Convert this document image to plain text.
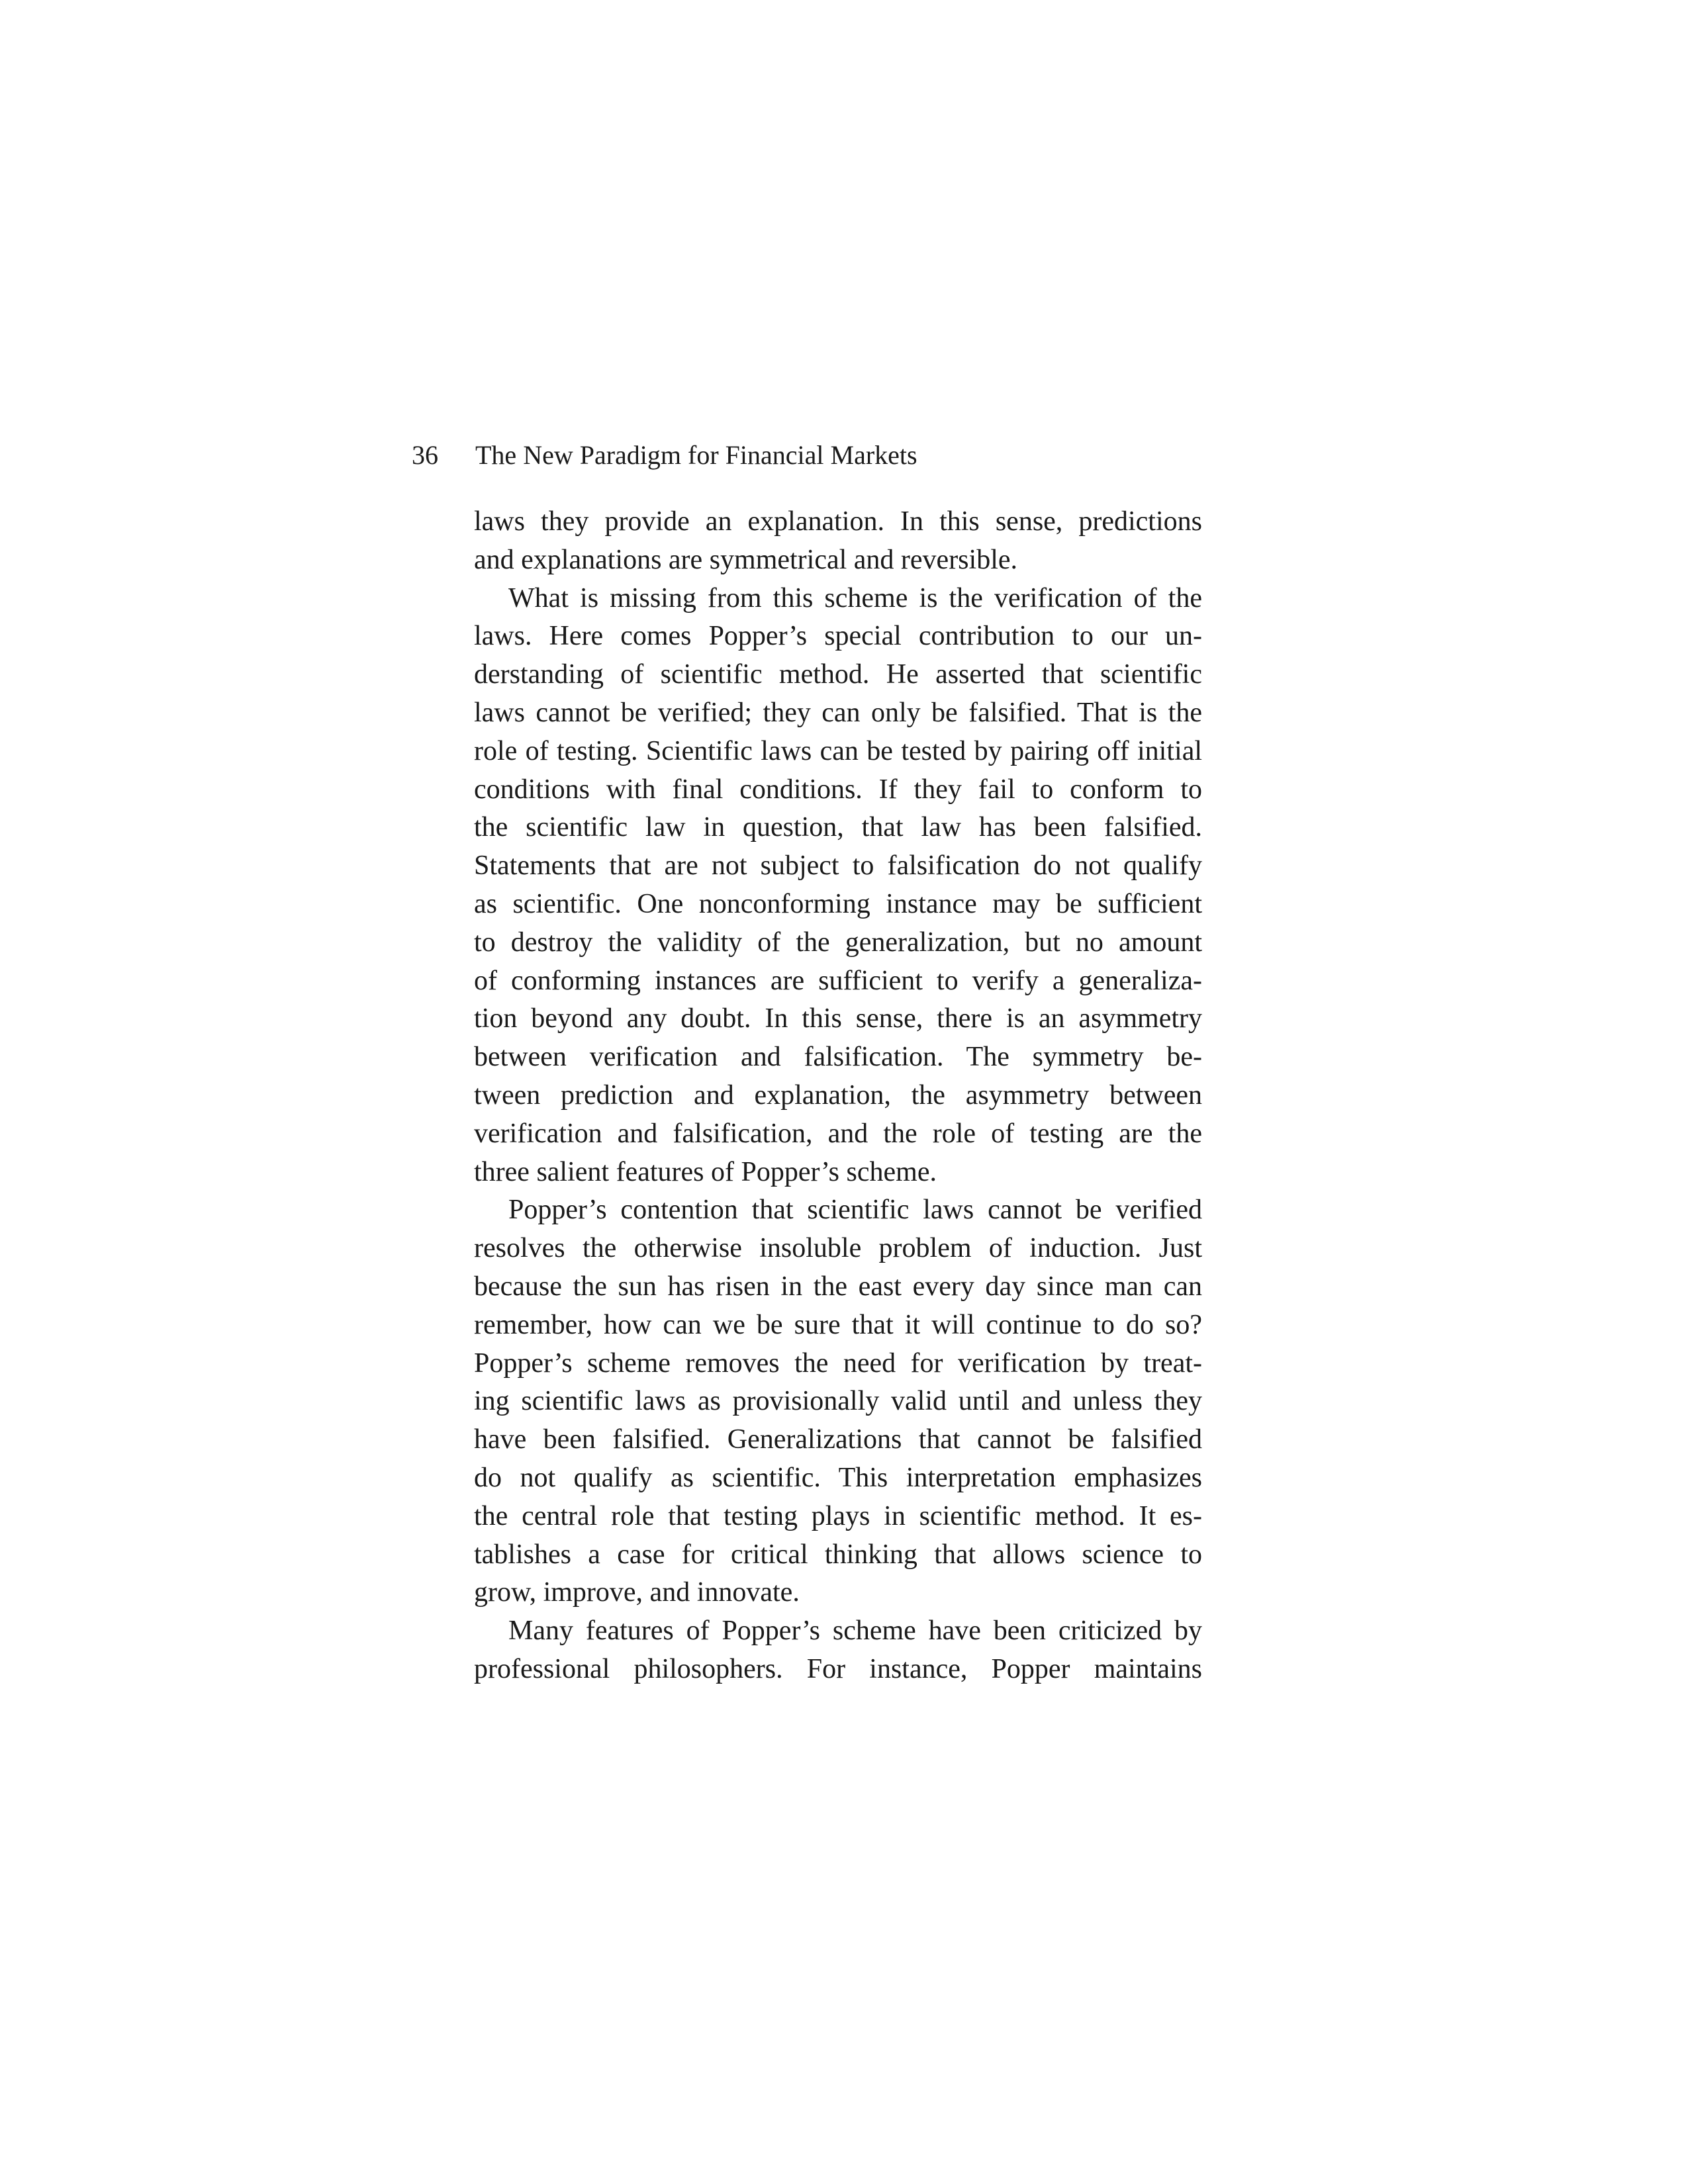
36 The New Paradigm for Financial Markets
laws they provide an explanation. In this sense, predictions
and explanations are symmetrical and reversible.
What is missing from this scheme is the verification of the
laws. Here comes Popper’s special contribution to our un-
derstanding of scientific method. He asserted that scientific
laws cannot be verified; they can only be falsified. That is the
role of testing. Scientific laws can be tested by pairing off initial
conditions with final conditions. If they fail to conform to
the scientific law in question, that law has been falsified.
Statements that are not subject to falsification do not qualify
as scientific. One nonconforming instance may be sufficient
to destroy the validity of the generalization, but no amount
of conforming instances are sufficient to verify a generaliza-
tion beyond any doubt. In this sense, there is an asymmetry
between verification and falsification. The symmetry be-
tween prediction and explanation, the asymmetry between
verification and falsification, and the role of testing are the
three salient features of Popper’s scheme.
Popper’s contention that scientific laws cannot be verified
resolves the otherwise insoluble problem of induction. Just
because the sun has risen in the east every day since man can
remember, how can we be sure that it will continue to do so?
Popper’s scheme removes the need for verification by treat-
ing scientific laws as provisionally valid until and unless they
have been falsified. Generalizations that cannot be falsified
do not qualify as scientific. This interpretation emphasizes
the central role that testing plays in scientific method. It es-
tablishes a case for critical thinking that allows science to
grow, improve, and innovate.
Many features of Popper’s scheme have been criticized by
professional philosophers. For instance, Popper maintains
